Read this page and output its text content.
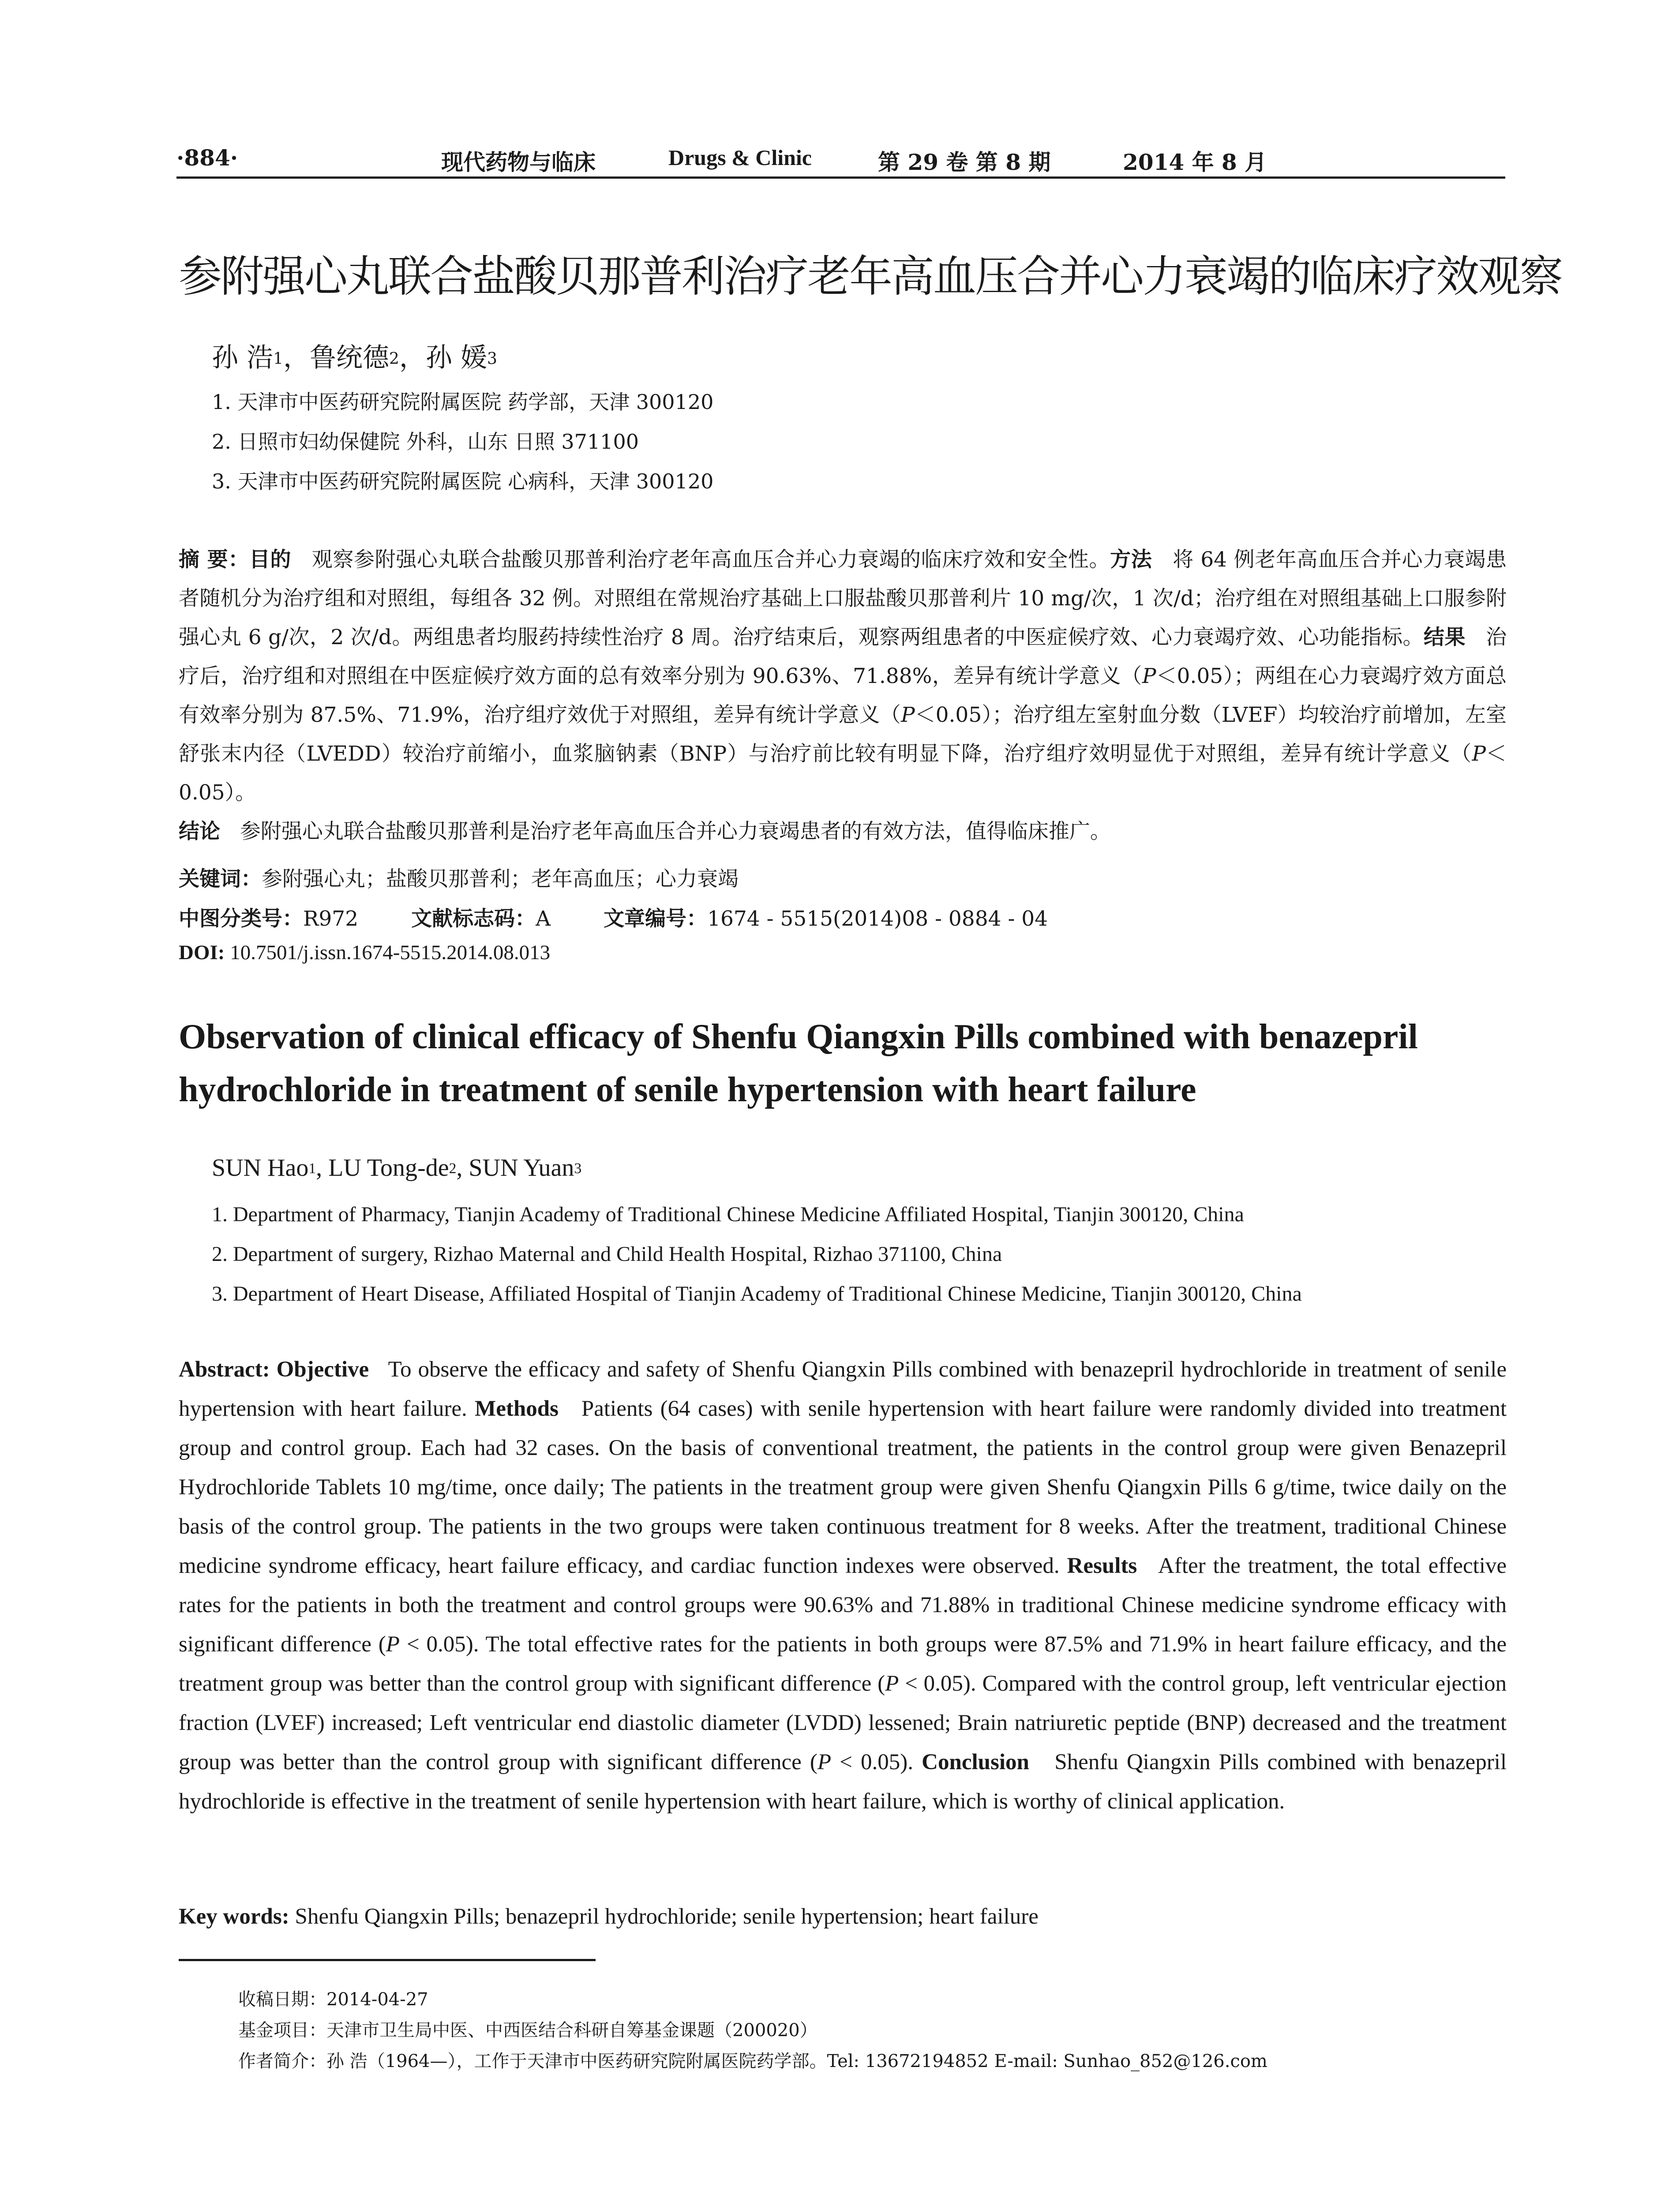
·884·	现代药物与临床	Drugs & Clinic	第 29 卷 第 8 期	2014 年 8 月
参附强心丸联合盐酸贝那普利治疗老年高血压合并心力衰竭的临床疗效观察
孙 浩$^1$，鲁统德$^2$，孙 媛$^3$
1. 天津市中医药研究院附属医院 药学部，天津 300120
2. 日照市妇幼保健院 外科，山东 日照 371100
3. 天津市中医药研究院附属医院 心病科，天津 300120
摘 要：目的 观察参附强心丸联合盐酸贝那普利治疗老年高血压合并心力衰竭的临床疗效和安全性。方法 将 64 例老年高血压合并心力衰竭患者随机分为治疗组和对照组，每组各 32 例。对照组在常规治疗基础上口服盐酸贝那普利片 10 mg/次，1 次/d；治疗组在对照组基础上口服参附强心丸 6 g/次，2 次/d。两组患者均服药持续性治疗 8 周。治疗结束后，观察两组患者的中医症候疗效、心力衰竭疗效、心功能指标。结果 治疗后，治疗组和对照组在中医症候疗效方面的总有效率分别为 90.63%、71.88%，差异有统计学意义（P＜0.05）；两组在心力衰竭疗效方面总有效率分别为 87.5%、71.9%，治疗组疗效优于对照组，差异有统计学意义（P＜0.05）；治疗组左室射血分数（LVEF）均较治疗前增加，左室舒张末内径（LVEDD）较治疗前缩小，血浆脑钠素（BNP）与治疗前比较有明显下降，治疗组疗效明显优于对照组，差异有统计学意义（P＜0.05）。
结论 参附强心丸联合盐酸贝那普利是治疗老年高血压合并心力衰竭患者的有效方法，值得临床推广。
关键词：参附强心丸；盐酸贝那普利；老年高血压；心力衰竭
中图分类号：R972	文献标志码：A	文章编号：1674 - 5515(2014)08 - 0884 - 04
DOI: 10.7501/j.issn.1674-5515.2014.08.013
Observation of clinical efficacy of Shenfu Qiangxin Pills combined with benazepril hydrochloride in treatment of senile hypertension with heart failure
SUN Hao$^1$, LU Tong-$de^2$, SUN Yuan$^3$
1. Department of Pharmacy, Tianjin Academy of Traditional Chinese Medicine Affiliated Hospital, Tianjin 300120, China
2. Department of surgery, Rizhao Maternal and Child Health Hospital, Rizhao 371100, China
3. Department of Heart Disease, Affiliated Hospital of Tianjin Academy of Traditional Chinese Medicine, Tianjin 300120, China
Abstract: Objective To observe the efficacy and safety of Shenfu Qiangxin Pills combined with benazepril hydrochloride in treatment of senile hypertension with heart failure. Methods Patients (64 cases) with senile hypertension with heart failure were randomly divided into treatment group and control group. Each had 32 cases. On the basis of conventional treatment, the patients in the control group were given Benazepril Hydrochloride Tablets 10 mg/time, once daily; The patients in the treatment group were given Shenfu Qiangxin Pills 6 g/time, twice daily on the basis of the control group. The patients in the two groups were taken continuous treatment for 8 weeks. After the treatment, traditional Chinese medicine syndrome efficacy, heart failure efficacy, and cardiac function indexes were observed. Results After the treatment, the total effective rates for the patients in both the treatment and control groups were 90.63% and 71.88% in traditional Chinese medicine syndrome efficacy with significant difference (P < 0.05). The total effective rates for the patients in both groups were 87.5% and 71.9% in heart failure efficacy, and the treatment group was better than the control group with significant difference (P < 0.05). Compared with the control group, left ventricular ejection fraction (LVEF) increased; Left ventricular end diastolic diameter (LVDD) lessened; Brain natriuretic peptide (BNP) decreased and the treatment group was better than the control group with significant difference (P < 0.05). Conclusion Shenfu Qiangxin Pills combined with benazepril hydrochloride is effective in the treatment of senile hypertension with heart failure, which is worthy of clinical application.
Key words: Shenfu Qiangxin Pills; benazepril hydrochloride; senile hypertension; heart failure
收稿日期：2014-04-27
基金项目：天津市卫生局中医、中西医结合科研自筹基金课题（200020）
作者简介：孙 浩（1964—），工作于天津市中医药研究院附属医院药学部。Tel: 13672194852 E-mail: Sunhao_852@126.com
